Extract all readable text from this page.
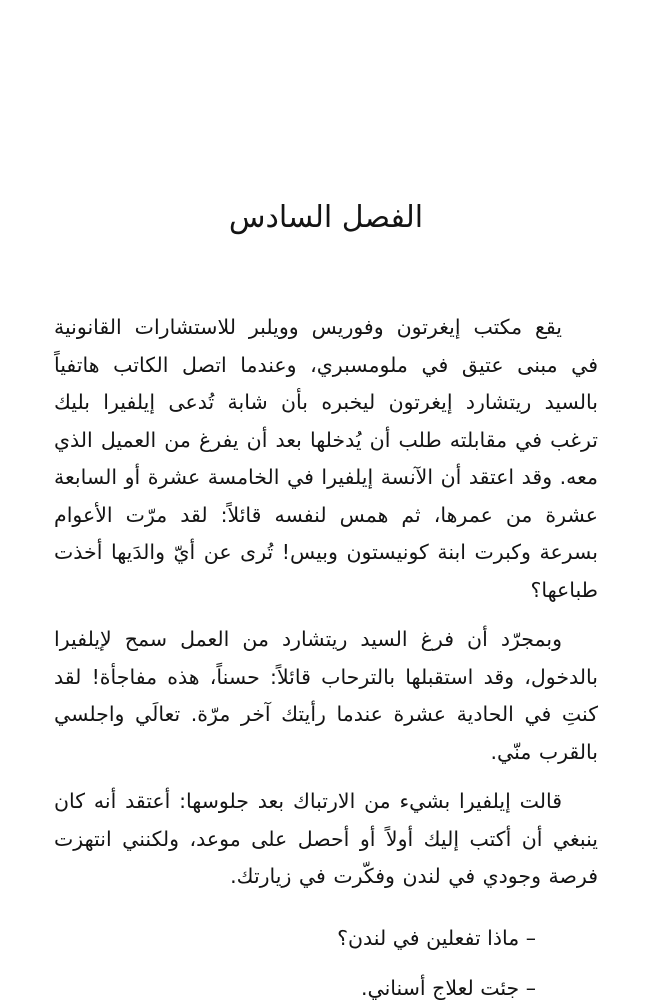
الفصل السادس

يقع مكتب إيغرتون وفوريس وويلبر للاستشارات القانونية في مبنى عتيق في ملومسبري، وعندما اتصل الكاتب هاتفياً بالسيد ريتشارد إيغرتون ليخبره بأن شابة تُدعى إيلفيرا بليك ترغب في مقابلته طلب أن يُدخلها بعد أن يفرغ من العميل الذي معه. وقد اعتقد أن الآنسة إيلفيرا في الخامسة عشرة أو السابعة عشرة من عمرها، ثم همس لنفسه قائلاً: لقد مرّت الأعوام بسرعة وكبرت ابنة كونيستون وبيس! تُرى عن أيّ والدَيها أخذت طباعها؟

وبمجرّد أن فرغ السيد ريتشارد من العمل سمح لإيلفيرا بالدخول، وقد استقبلها بالترحاب قائلاً: حسناً، هذه مفاجأة! لقد كنتِ في الحادية عشرة عندما رأيتك آخر مرّة. تعالَي واجلسي بالقرب منّي.

قالت إيلفيرا بشيء من الارتباك بعد جلوسها: أعتقد أنه كان ينبغي أن أكتب إليك أولاً أو أحصل على موعد، ولكنني انتهزت فرصة وجودي في لندن وفكّرت في زيارتك.

– ماذا تفعلين في لندن؟

– جئت لعلاج أسناني.
